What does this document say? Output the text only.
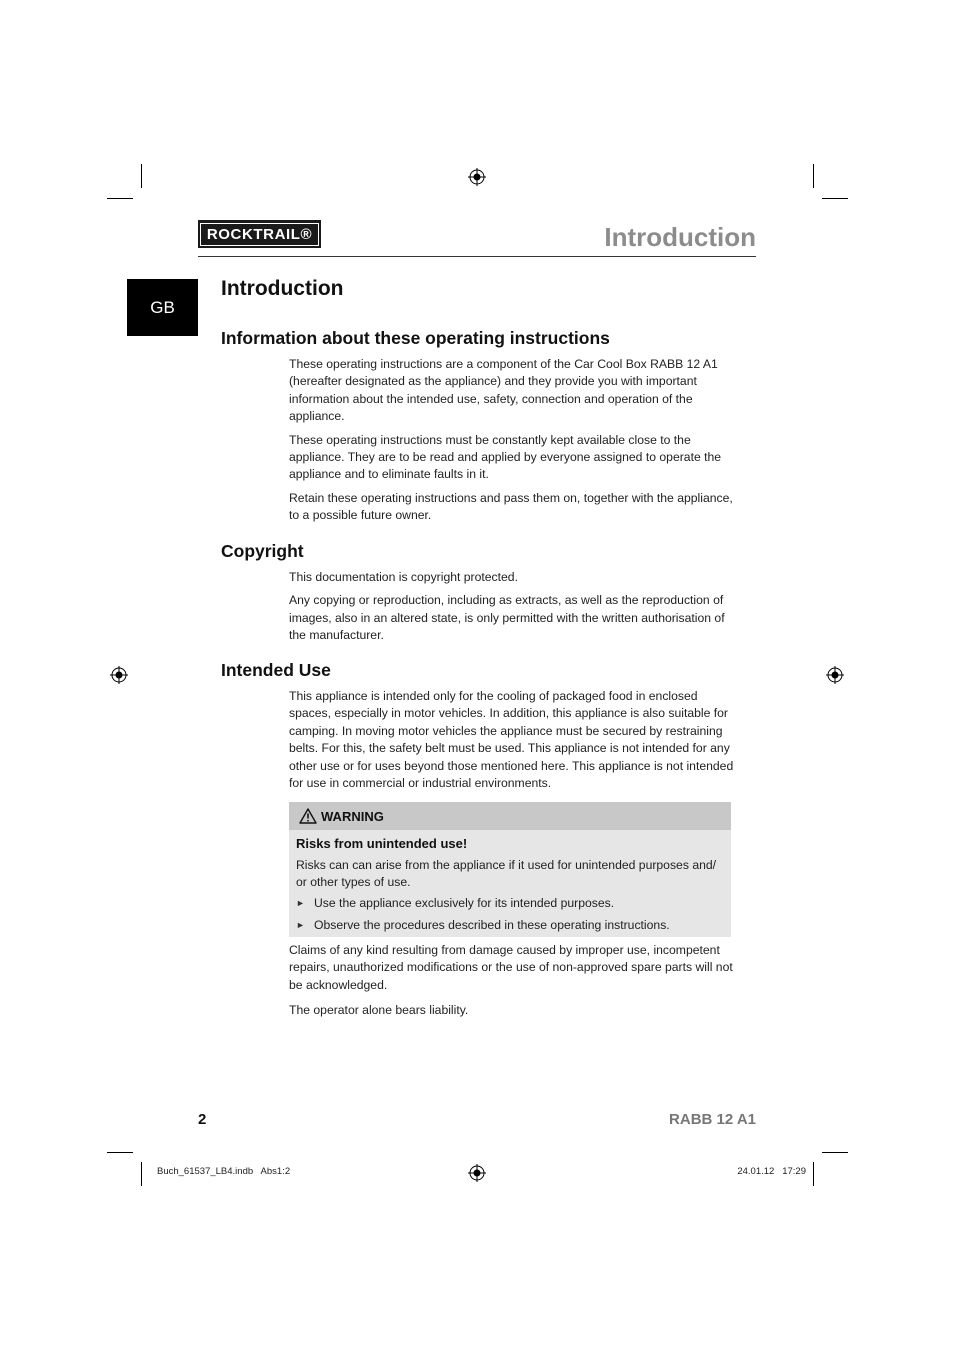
ROCKTRAIL®	Introduction
GB
Introduction
Information about these operating instructions

These operating instructions are a component of the Car Cool Box RABB 12 A1 (hereafter designated as the appliance) and they provide you with important information about the intended use, safety, connection and operation of the appliance.

These operating instructions must be constantly kept available close to the appliance. They are to be read and applied by everyone assigned to operate the appliance and to eliminate faults in it.

Retain these operating instructions and pass them on, together with the appliance, to a possible future owner.

Copyright

This documentation is copyright protected.

Any copying or reproduction, including as extracts, as well as the reproduction of images, also in an altered state, is only permitted with the written authorisation of the manufacturer.

Intended Use

This appliance is intended only for the cooling of packaged food in enclosed spaces, especially in motor vehicles. In addition, this appliance is also suitable for camping. In moving motor vehicles the appliance must be secured by restraining belts. For this, the safety belt must be used. This appliance is not intended for any other use or for uses beyond those mentioned here. This appliance is not intended for use in commercial or industrial environments.

WARNING
Risks from unintended use!
Risks can can arise from the appliance if it used for unintended purposes and/ or other types of use.
► Use the appliance exclusively for its intended purposes.
► Observe the procedures described in these operating instructions.

Claims of any kind resulting from damage caused by improper use, incompetent repairs, unauthorized modifications or the use of non-approved spare parts will not be acknowledged.

The operator alone bears liability.

2	RABB 12 A1
Buch_61537_LB4.indb   Abs1:2	24.01.12   17:29
